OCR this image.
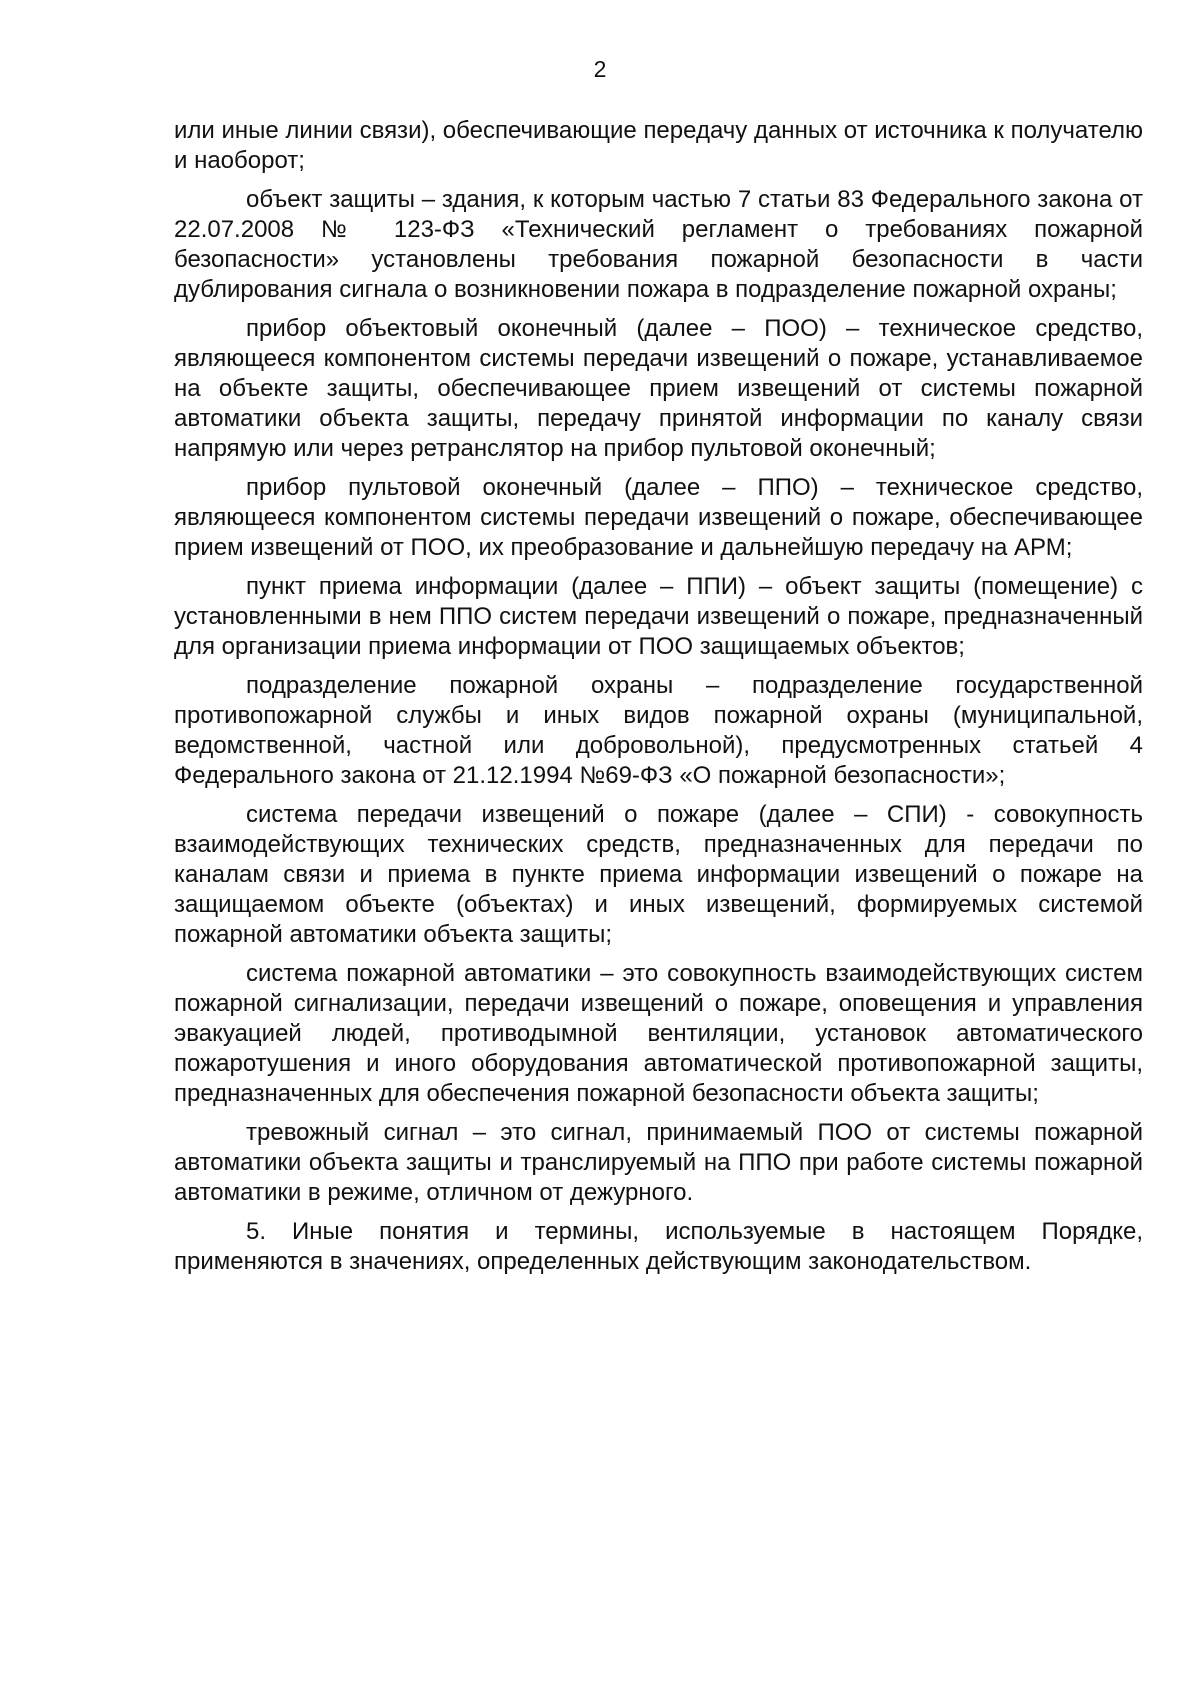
2

или иные линии связи), обеспечивающие передачу данных от источника к получателю и наоборот;

объект защиты – здания, к которым частью 7 статьи 83 Федерального закона от 22.07.2008 № 123-ФЗ «Технический регламент о требованиях пожарной безопасности» установлены требования пожарной безопасности в части дублирования сигнала о возникновении пожара в подразделение пожарной охраны;

прибор объектовый оконечный (далее – ПОО) – техническое средство, являющееся компонентом системы передачи извещений о пожаре, устанавливаемое на объекте защиты, обеспечивающее прием извещений от системы пожарной автоматики объекта защиты, передачу принятой информации по каналу связи напрямую или через ретранслятор на прибор пультовой оконечный;

прибор пультовой оконечный (далее – ППО) – техническое средство, являющееся компонентом системы передачи извещений о пожаре, обеспечивающее прием извещений от ПОО, их преобразование и дальнейшую передачу на АРМ;

пункт приема информации (далее – ППИ) – объект защиты (помещение) с установленными в нем ППО систем передачи извещений о пожаре, предназначенный для организации приема информации от ПОО защищаемых объектов;

подразделение пожарной охраны – подразделение государственной противопожарной службы и иных видов пожарной охраны (муниципальной, ведомственной, частной или добровольной), предусмотренных статьей 4 Федерального закона от 21.12.1994 №69-ФЗ «О пожарной безопасности»;

система передачи извещений о пожаре (далее – СПИ) - совокупность взаимодействующих технических средств, предназначенных для передачи по каналам связи и приема в пункте приема информации извещений о пожаре на защищаемом объекте (объектах) и иных извещений, формируемых системой пожарной автоматики объекта защиты;

система пожарной автоматики – это совокупность взаимодействующих систем пожарной сигнализации, передачи извещений о пожаре, оповещения и управления эвакуацией людей, противодымной вентиляции, установок автоматического пожаротушения и иного оборудования автоматической противопожарной защиты, предназначенных для обеспечения пожарной безопасности объекта защиты;

тревожный сигнал – это сигнал, принимаемый ПОО от системы пожарной автоматики объекта защиты и транслируемый на ППО при работе системы пожарной автоматики в режиме, отличном от дежурного.

5. Иные понятия и термины, используемые в настоящем Порядке, применяются в значениях, определенных действующим законодательством.
